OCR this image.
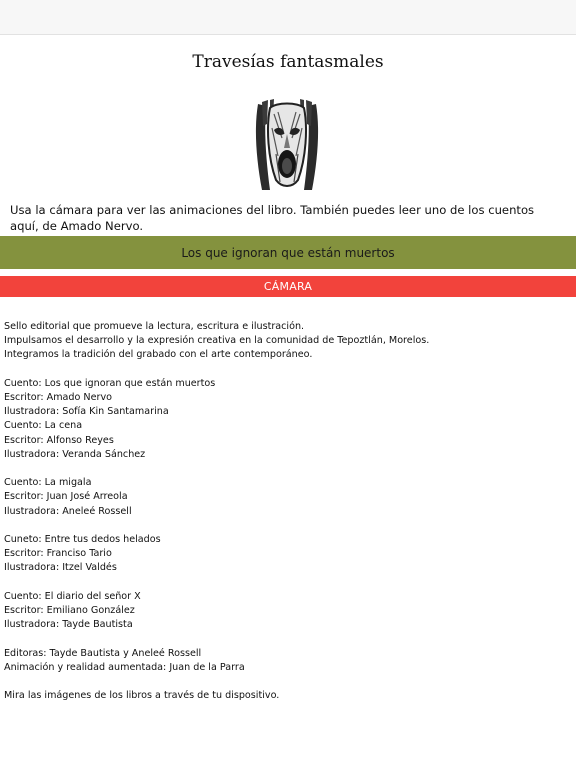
Travesías fantasmales

Usa la cámara para ver las animaciones del libro. También puedes leer uno de los cuentos aquí, de Amado Nervo.

Los que ignoran que están muertos
CÁMARA
Sello editorial que promueve la lectura, escritura e ilustración.
Impulsamos el desarrollo y la expresión creativa en la comunidad de Tepoztlán, Morelos.
Integramos la tradición del grabado con el arte contemporáneo.
Cuento: Los que ignoran que están muertos
Escritor: Amado Nervo
Ilustradora: Sofía Kin Santamarina
Cuento: La cena
Escritor: Alfonso Reyes
Ilustradora: Veranda Sánchez
Cuento: La migala
Escritor: Juan José Arreola
Ilustradora: Aneleé Rossell
Cuneto: Entre tus dedos helados
Escritor: Franciso Tario
Ilustradora: Itzel Valdés
Cuento: El diario del señor X
Escritor: Emiliano González
Ilustradora: Tayde Bautista
Editoras: Tayde Bautista y Aneleé Rossell
Animación y realidad aumentada: Juan de la Parra
Mira las imágenes de los libros a través de tu dispositivo.
